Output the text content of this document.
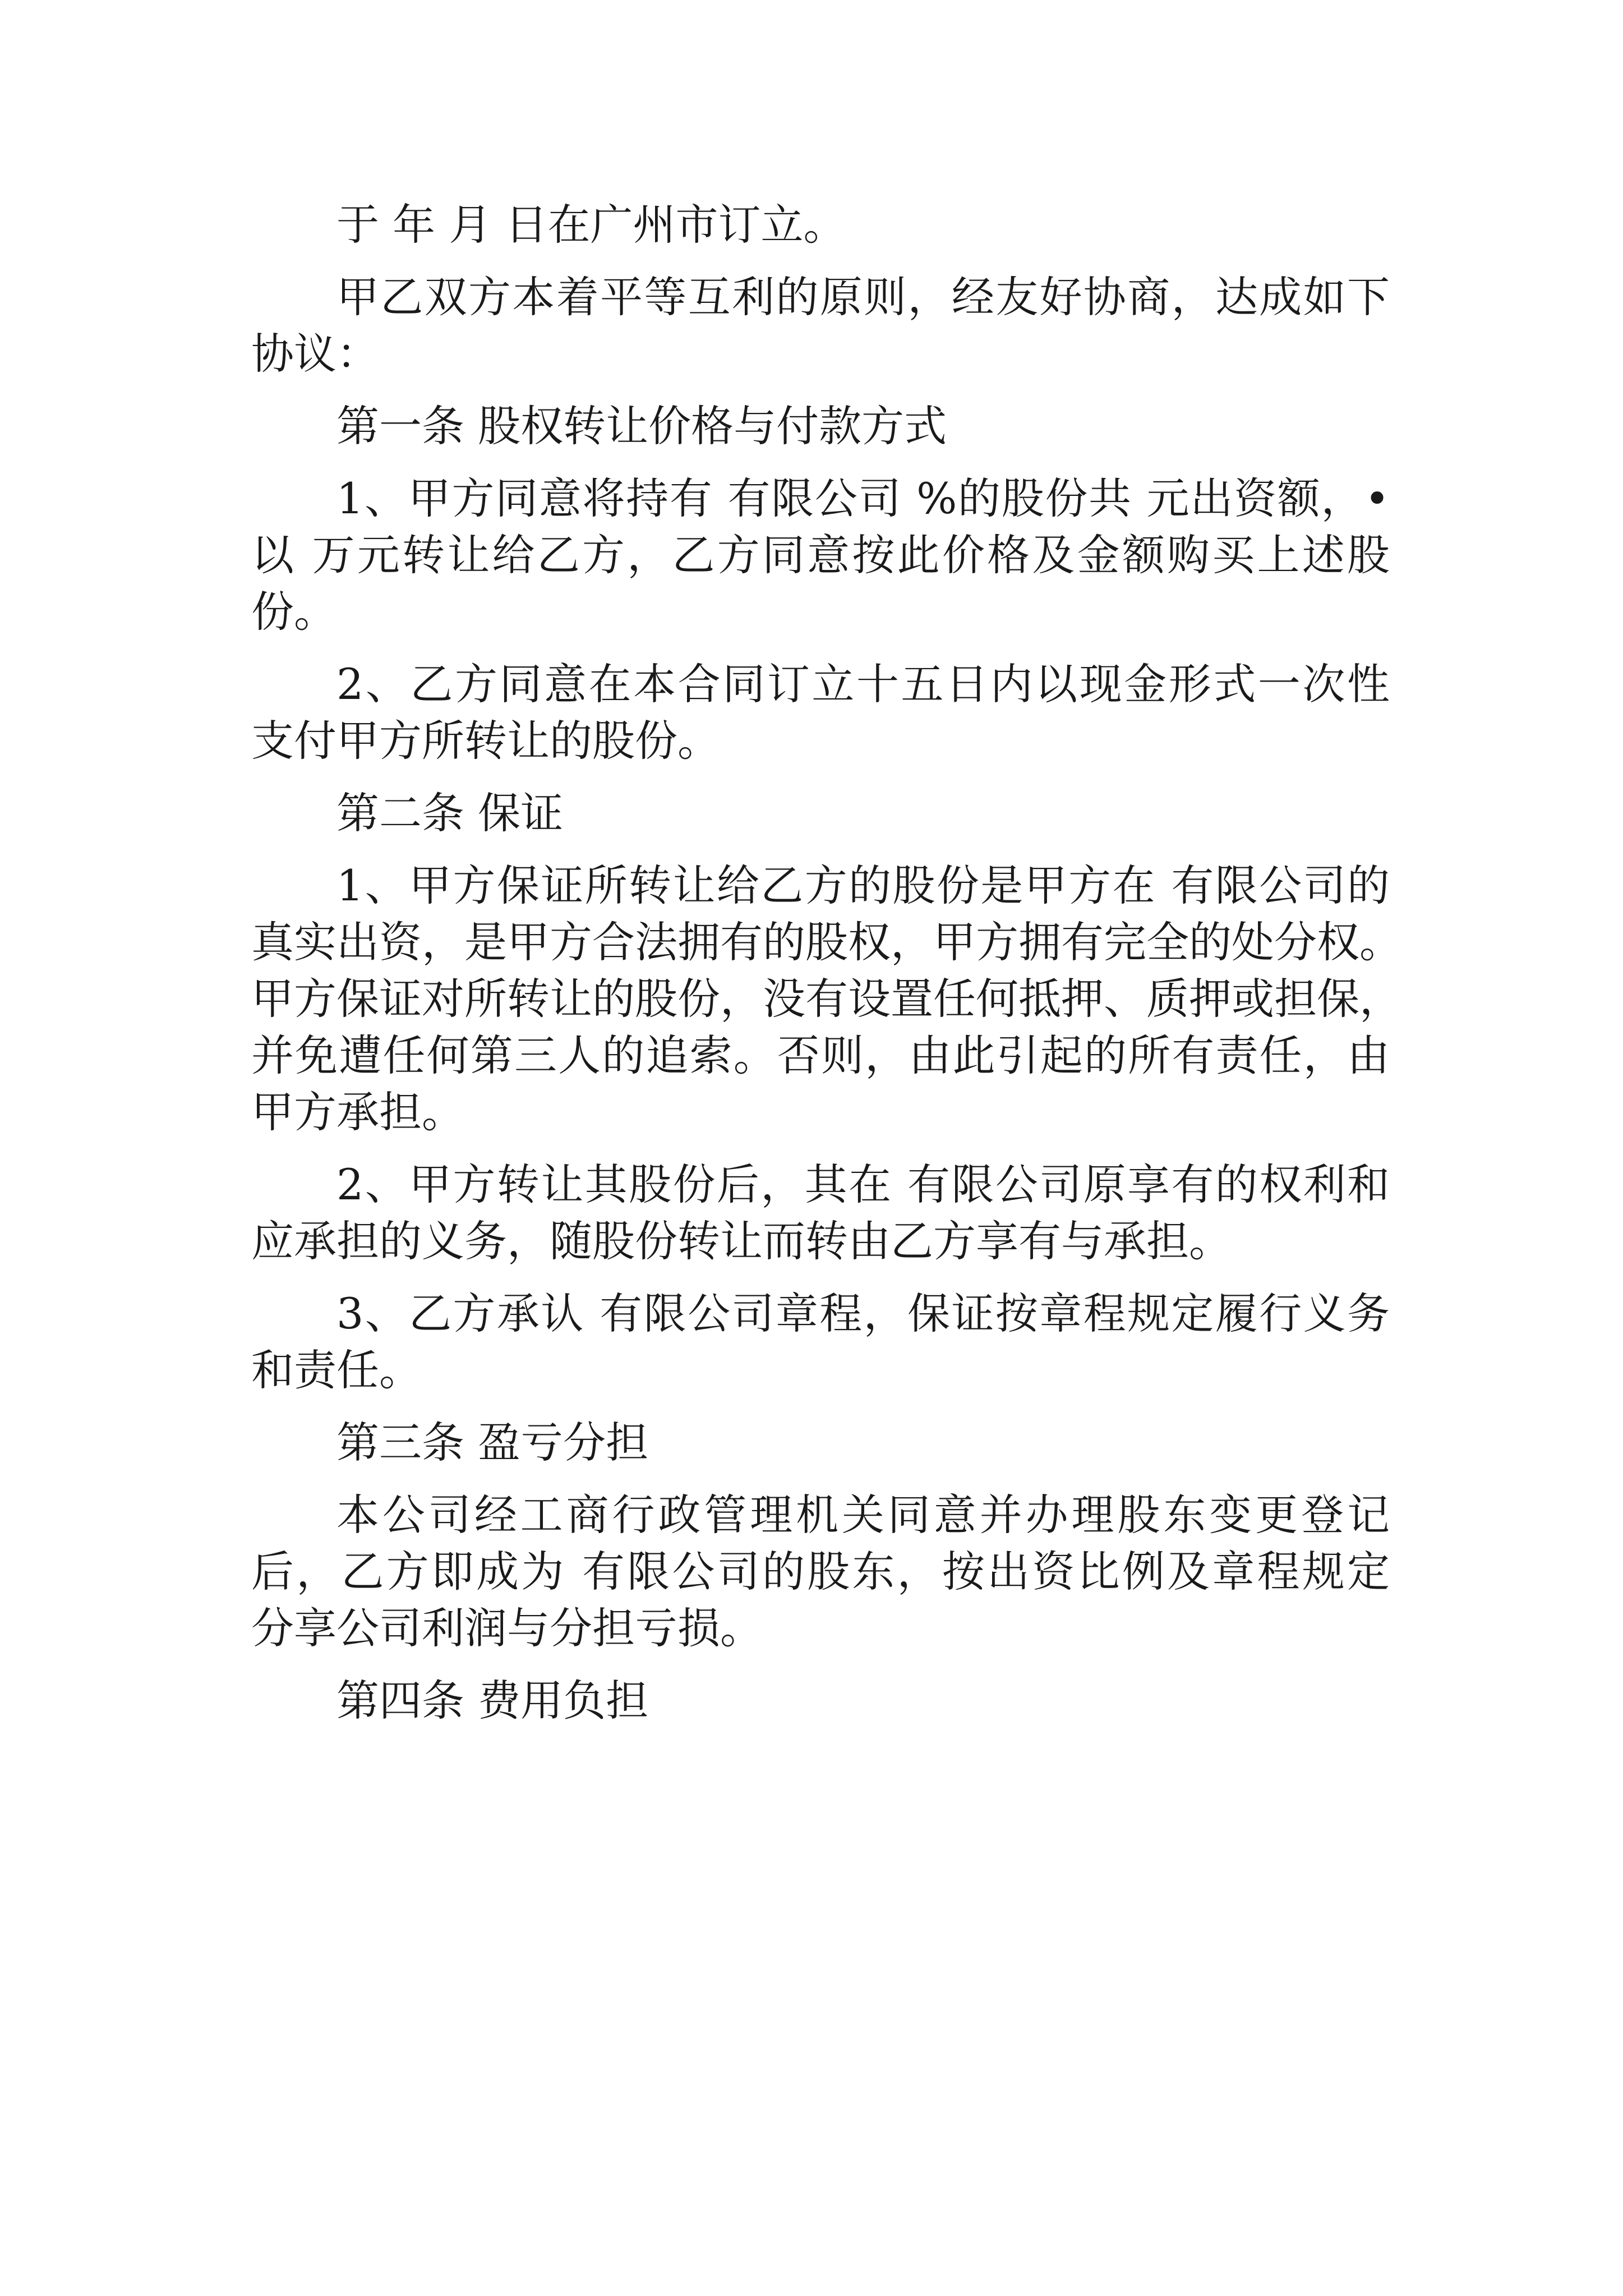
于 年 月 日在广州市订立。

甲乙双方本着平等互利的原则，经友好协商，达成如下

协议：

第一条 股权转让价格与付款方式

1、甲方同意将持有 有限公司 %的股份共 元出资额，•

以 万元转让给乙方，乙方同意按此价格及金额购买上述股

份。

2、乙方同意在本合同订立十五日内以现金形式一次性

支付甲方所转让的股份。

第二条 保证

1、甲方保证所转让给乙方的股份是甲方在 有限公司的

真实出资，是甲方合法拥有的股权，甲方拥有完全的处分权。

甲方保证对所转让的股份，没有设置任何抵押、质押或担保，

并免遭任何第三人的追索。否则，由此引起的所有责任，由

甲方承担。

2、甲方转让其股份后，其在 有限公司原享有的权利和

应承担的义务，随股份转让而转由乙方享有与承担。

3、乙方承认 有限公司章程，保证按章程规定履行义务

和责任。

第三条 盈亏分担

本公司经工商行政管理机关同意并办理股东变更登记

后，乙方即成为 有限公司的股东，按出资比例及章程规定

分享公司利润与分担亏损。

第四条 费用负担
